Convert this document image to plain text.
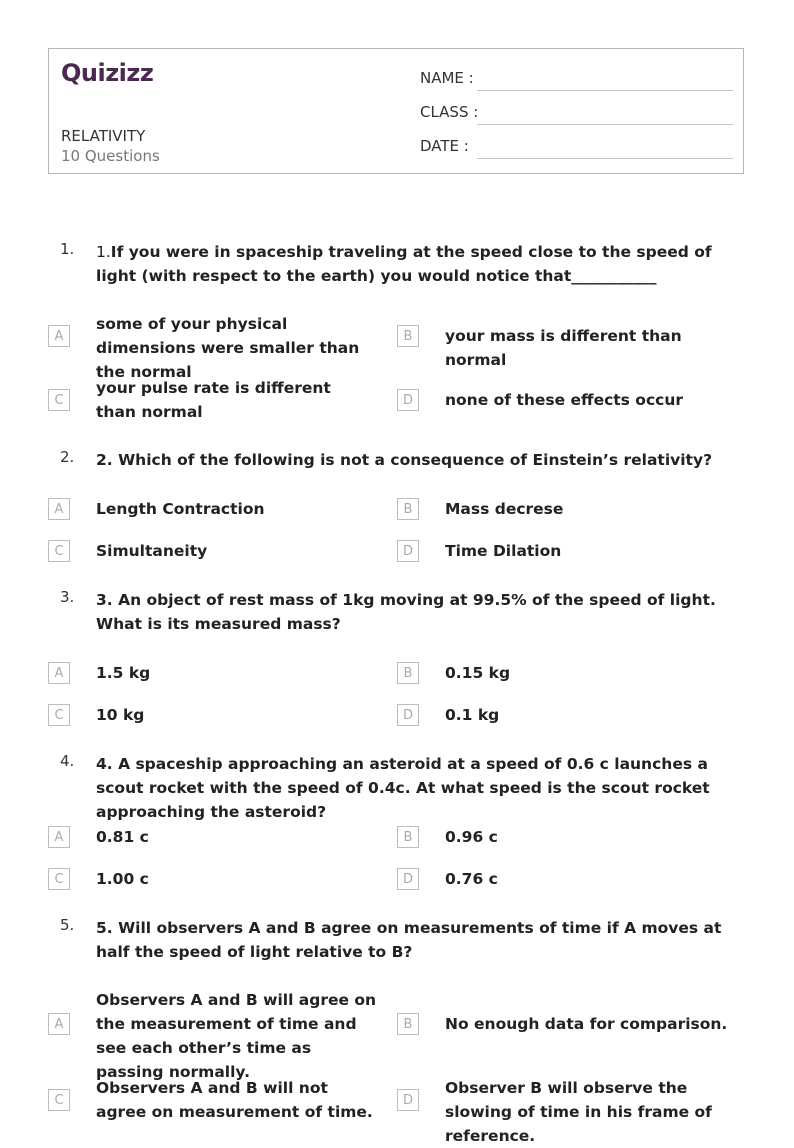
Quizizz
RELATIVITY
10 Questions
NAME :
CLASS :
DATE :
1. 1.If you were in spaceship traveling at the speed close to the speed of light (with respect to the earth) you would notice that___________
A
some of your physical dimensions were smaller than the normal
B	your mass is different than normal
C
your pulse rate is different than normal
D	none of these effects occur
2. 2. Which of the following is not a consequence of Einstein’s relativity?
A	Length Contraction	B	Mass decrese
C	Simultaneity	D	Time Dilation
3. 3. An object of rest mass of 1kg moving at 99.5% of the speed of light. What is its measured mass?
A	1.5 kg	B	0.15 kg
C	10 kg	D	0.1 kg
4. 4. A spaceship approaching an asteroid at a speed of 0.6 c launches a scout rocket with the speed of 0.4c. At what speed is the scout rocket approaching the asteroid?
A	0.81 c	B	0.96 c
C	1.00 c	D	0.76 c
5. 5. Will observers A and B agree on measurements of time if A moves at half the speed of light relative to B?
A
Observers A and B will agree on the measurement of time and see each other’s time as passing normally.
B	No enough data for comparison.
C
Observers A and B will not agree on measurement of time.
D
Observer B will observe the slowing of time in his frame of reference.
